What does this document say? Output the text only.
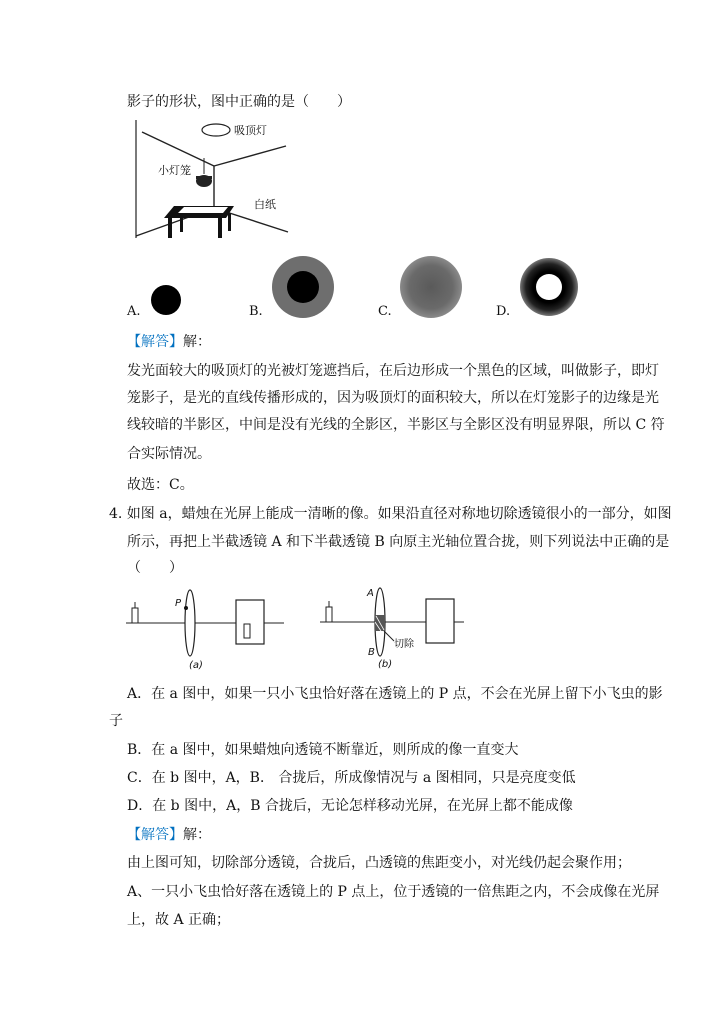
影子的形状，图中正确的是（　　）
吸顶灯
小灯笼
白纸
A.	B.	C.	D.
【解答】解：
发光面较大的吸顶灯的光被灯笼遮挡后，在后边形成一个黑色的区域，叫做影子，即灯
笼影子，是光的直线传播形成的，因为吸顶灯的面积较大，所以在灯笼影子的边缘是光
线较暗的半影区，中间是没有光线的全影区，半影区与全影区没有明显界限，所以 C 符
合实际情况。
故选：C。
4. 如图 a，蜡烛在光屏上能成一清晰的像。如果沿直径对称地切除透镜很小的一部分，如图
所示，再把上半截透镜 A 和下半截透镜 B 向原主光轴位置合拢，则下列说法中正确的是
（　　）
P
(a)
A
B
切除
(b)
A．在 a 图中，如果一只小飞虫恰好落在透镜上的 P 点，不会在光屏上留下小飞虫的影
子
B．在 a 图中，如果蜡烛向透镜不断靠近，则所成的像一直变大
C．在 b 图中，A，B． 合拢后，所成像情况与 a 图相同，只是亮度变低
D．在 b 图中，A，B 合拢后，无论怎样移动光屏，在光屏上都不能成像
【解答】解：
由上图可知，切除部分透镜，合拢后，凸透镜的焦距变小，对光线仍起会聚作用；
A、一只小飞虫恰好落在透镜上的 P 点上，位于透镜的一倍焦距之内，不会成像在光屏
上，故 A 正确；
